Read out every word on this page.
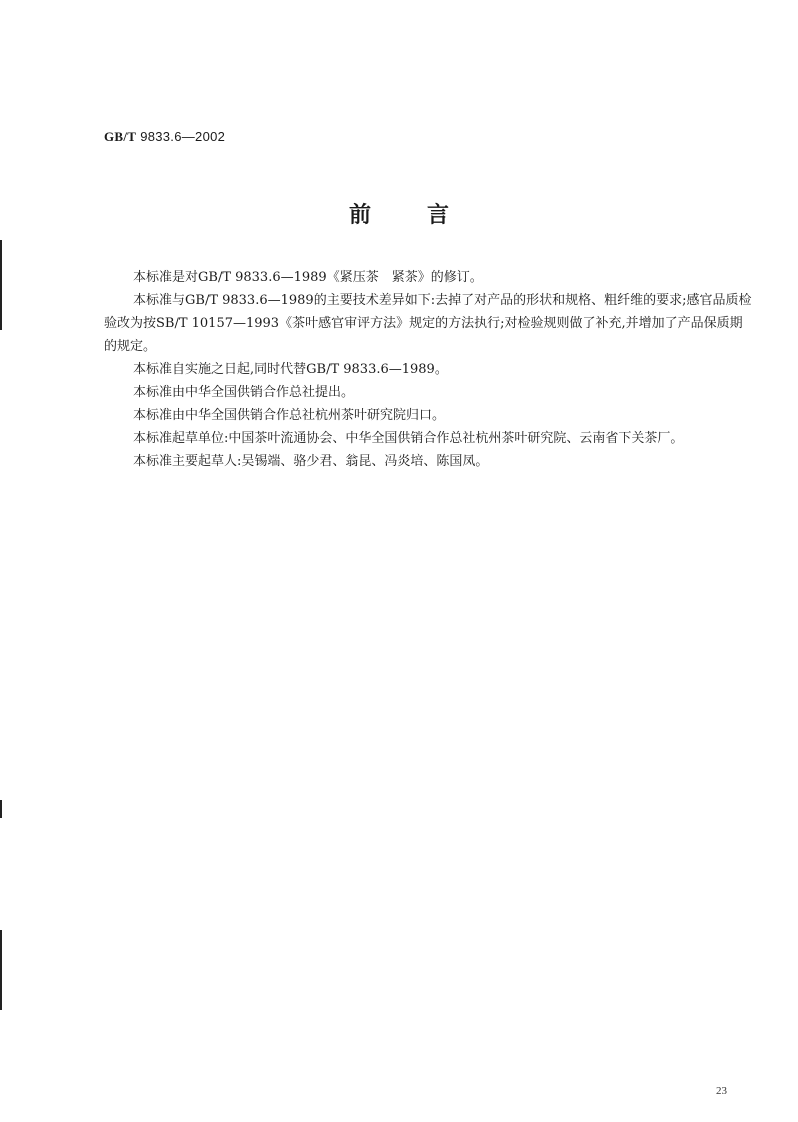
GB/T 9833.6—2002
前言

本标准是对GB/T 9833.6—1989《紧压茶　紧茶》的修订。

本标准与GB/T 9833.6—1989的主要技术差异如下:去掉了对产品的形状和规格、粗纤维的要求;感官品质检验改为按SB/T 10157—1993《茶叶感官审评方法》规定的方法执行;对检验规则做了补充,并增加了产品保质期的规定。

本标准自实施之日起,同时代替GB/T 9833.6—1989。

本标准由中华全国供销合作总社提出。

本标准由中华全国供销合作总社杭州茶叶研究院归口。

本标准起草单位:中国茶叶流通协会、中华全国供销合作总社杭州茶叶研究院、云南省下关茶厂。

本标准主要起草人:吴锡端、骆少君、翁昆、冯炎培、陈国凤。

23
